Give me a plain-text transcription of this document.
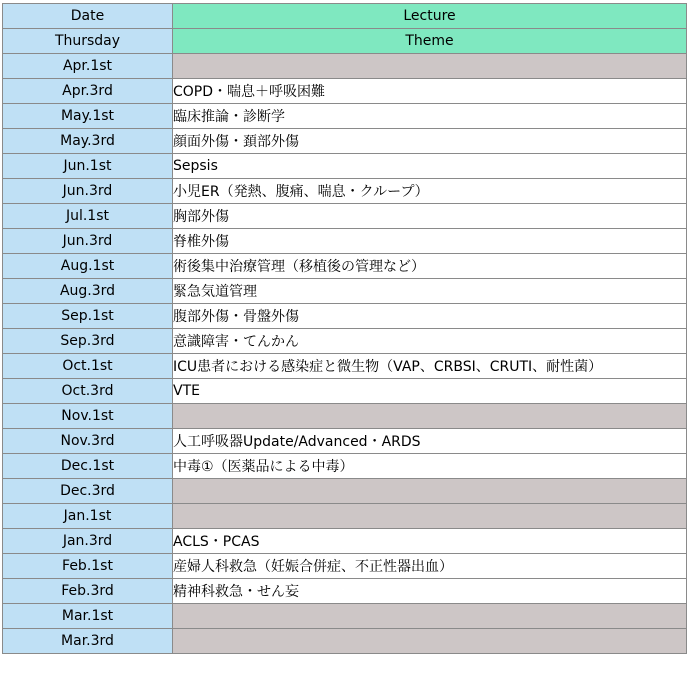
Date	Lecture
Thursday	Theme
Apr.1st	
Apr.3rd	COPD・喘息＋呼吸困難
May.1st	臨床推論・診断学
May.3rd	顔面外傷・頚部外傷
Jun.1st	Sepsis
Jun.3rd	小児ER（発熱、腹痛、喘息・クループ）
Jul.1st	胸部外傷
Jun.3rd	脊椎外傷
Aug.1st	術後集中治療管理（移植後の管理など）
Aug.3rd	緊急気道管理
Sep.1st	腹部外傷・骨盤外傷
Sep.3rd	意識障害・てんかん
Oct.1st	ICU患者における感染症と微生物（VAP、CRBSI、CRUTI、耐性菌）
Oct.3rd	VTE
Nov.1st	
Nov.3rd	人工呼吸器Update/Advanced・ARDS
Dec.1st	中毒①（医薬品による中毒）
Dec.3rd	
Jan.1st	
Jan.3rd	ACLS・PCAS
Feb.1st	産婦人科救急（妊娠合併症、不正性器出血）
Feb.3rd	精神科救急・せん妄
Mar.1st	
Mar.3rd	
